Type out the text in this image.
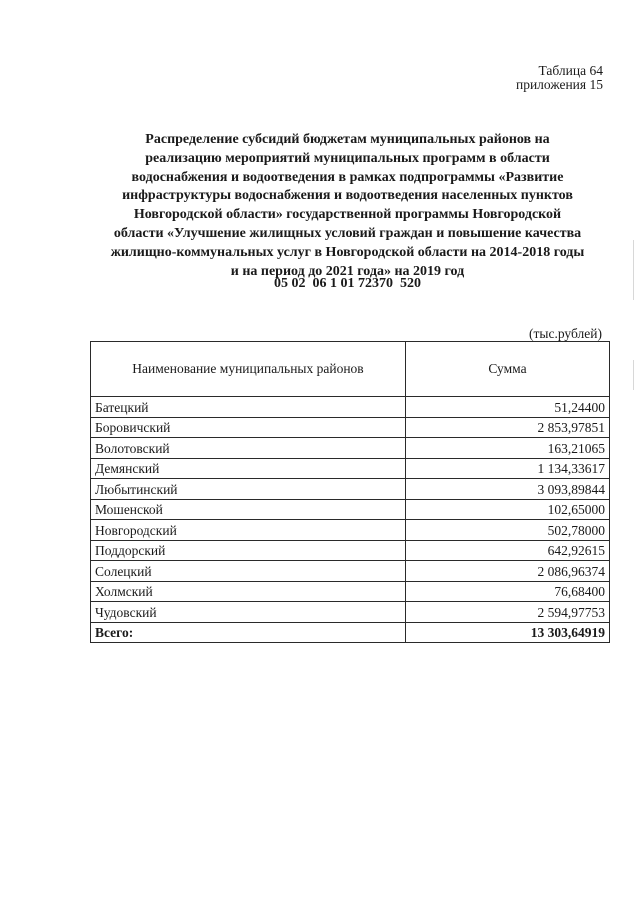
Таблица 64
приложения 15
Распределение субсидий бюджетам муниципальных районов на
реализацию мероприятий муниципальных программ в области
водоснабжения и водоотведения в рамках подпрограммы «Развитие
инфраструктуры водоснабжения и водоотведения населенных пунктов
Новгородской области» государственной программы Новгородской
области «Улучшение жилищных условий граждан и повышение качества
жилищно-коммунальных услуг в Новгородской области на 2014-2018 годы
и на период до 2021 года» на 2019 год
05 02  06 1 01 72370  520
(тыс.рублей)
Наименование муниципальных районов	Сумма
Батецкий	51,24400
Боровичский	2 853,97851
Волотовский	163,21065
Демянский	1 134,33617
Любытинский	3 093,89844
Мошенской	102,65000
Новгородский	502,78000
Поддорский	642,92615
Солецкий	2 086,96374
Холмский	76,68400
Чудовский	2 594,97753
Всего:	13 303,64919
